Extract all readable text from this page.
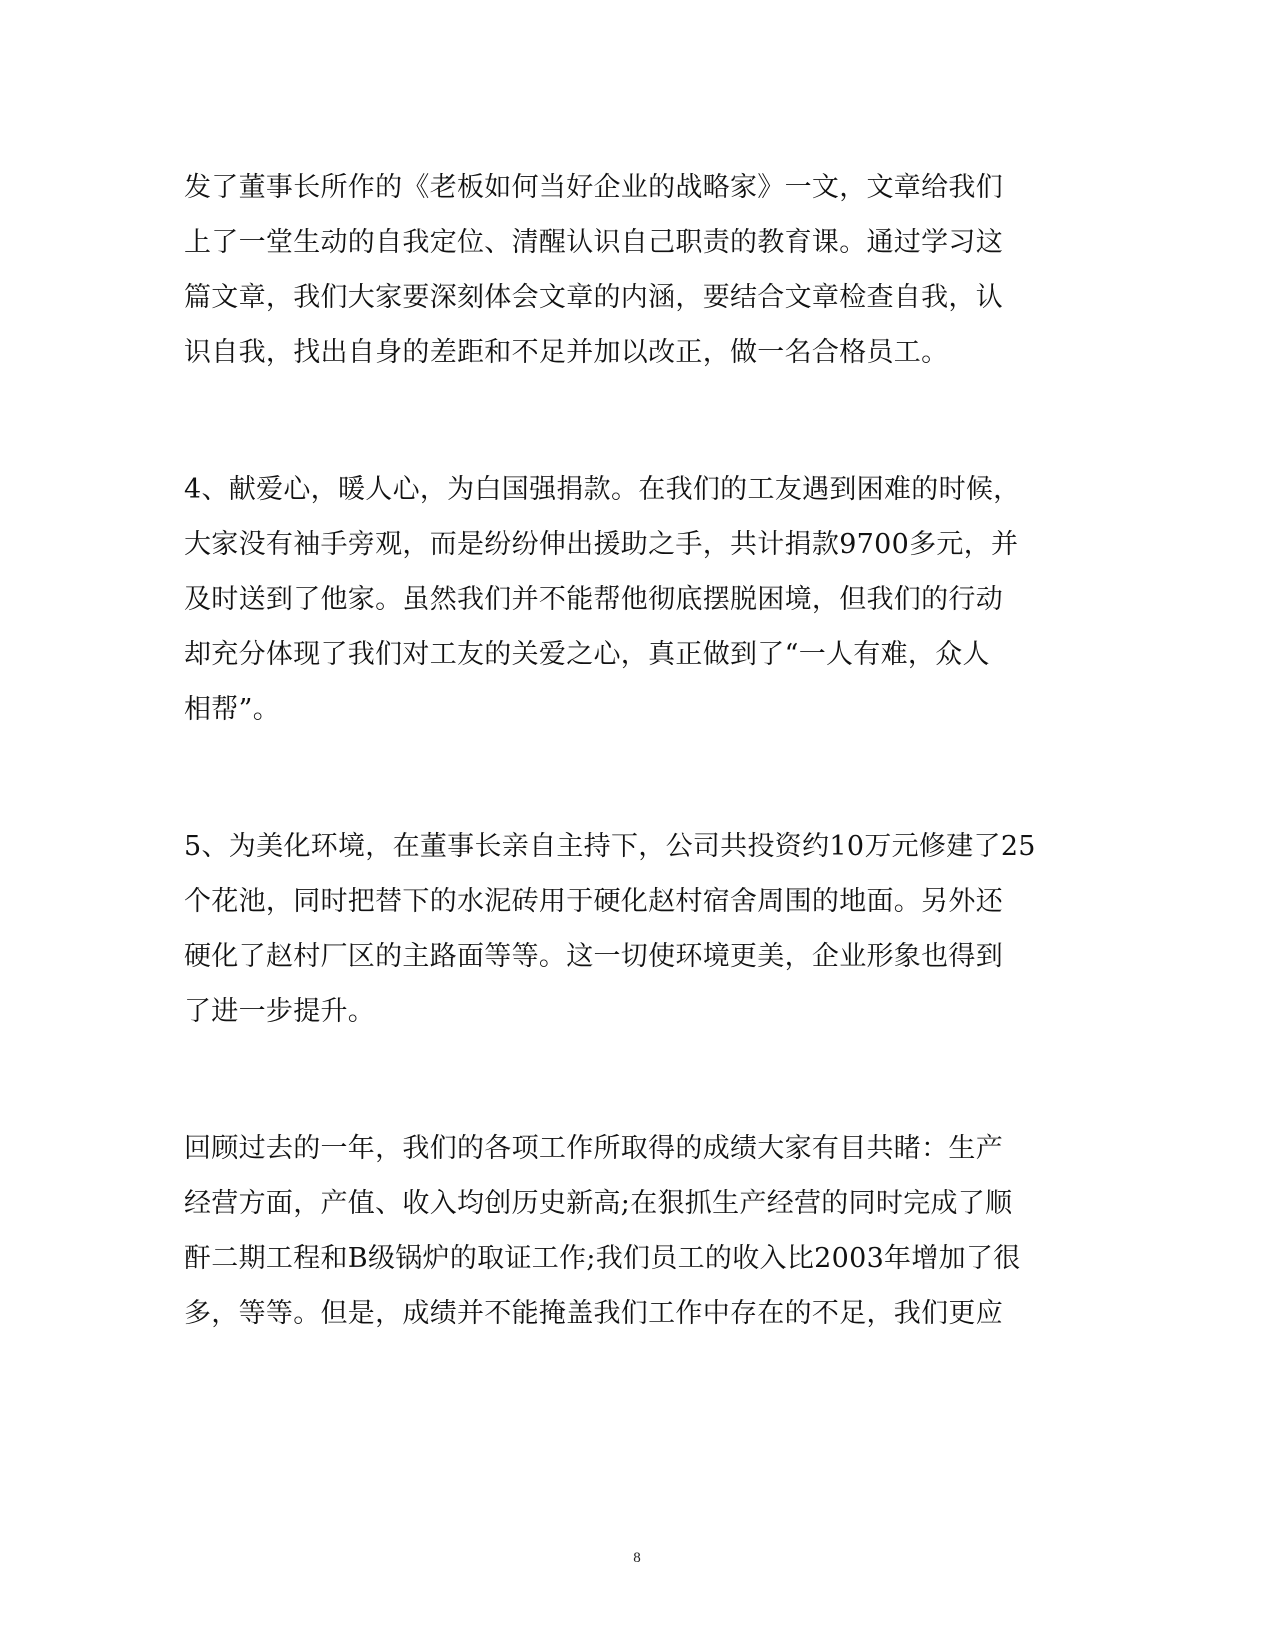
发了董事长所作的《老板如何当好企业的战略家》一文，文章给我们
上了一堂生动的自我定位、清醒认识自己职责的教育课。通过学习这
篇文章，我们大家要深刻体会文章的内涵，要结合文章检查自我，认
识自我，找出自身的差距和不足并加以改正，做一名合格员工。
4、献爱心，暖人心，为白国强捐款。在我们的工友遇到困难的时候，
大家没有袖手旁观，而是纷纷伸出援助之手，共计捐款9700多元，并
及时送到了他家。虽然我们并不能帮他彻底摆脱困境，但我们的行动
却充分体现了我们对工友的关爱之心，真正做到了“一人有难，众人
相帮”。
5、为美化环境，在董事长亲自主持下，公司共投资约10万元修建了25
个花池，同时把替下的水泥砖用于硬化赵村宿舍周围的地面。另外还
硬化了赵村厂区的主路面等等。这一切使环境更美，企业形象也得到
了进一步提升。
回顾过去的一年，我们的各项工作所取得的成绩大家有目共睹：生产
经营方面，产值、收入均创历史新高;在狠抓生产经营的同时完成了顺
酐二期工程和B级锅炉的取证工作;我们员工的收入比2003年增加了很
多，等等。但是，成绩并不能掩盖我们工作中存在的不足，我们更应
8
